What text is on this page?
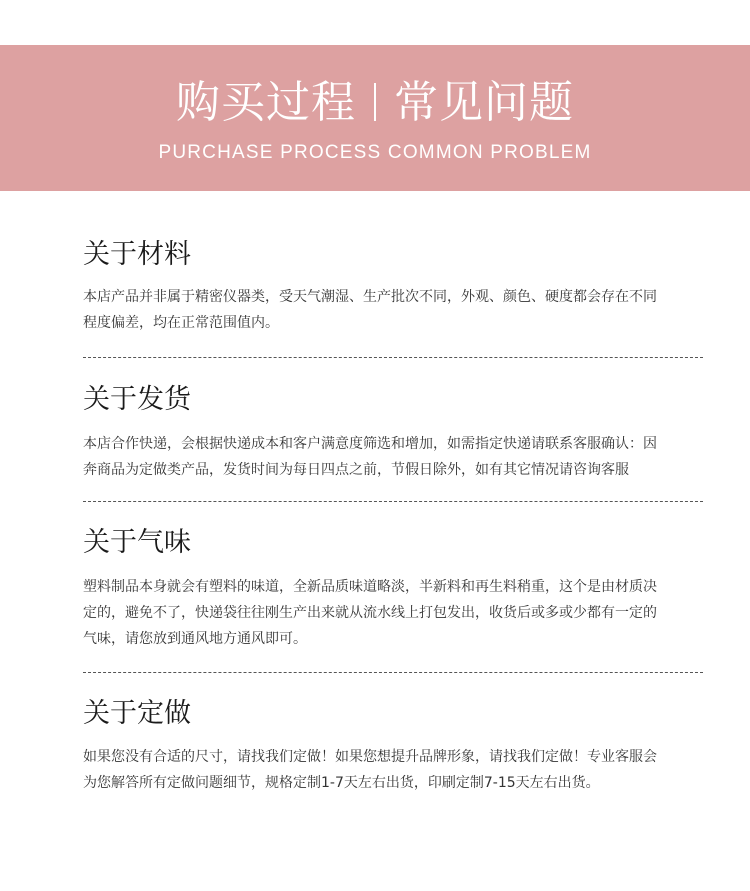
购买过程 常见问题
PURCHASE PROCESS COMMON PROBLEM
关于材料

本店产品并非属于精密仪器类，受天气潮湿、生产批次不同，外观、颜色、硬度都会存在不同
程度偏差，均在正常范围值内。

关于发货

本店合作快递，会根据快递成本和客户满意度筛选和增加，如需指定快递请联系客服确认：因
奔商品为定做类产品，发货时间为每日四点之前，节假日除外，如有其它情况请咨询客服

关于气味

塑料制品本身就会有塑料的味道，全新品质味道略淡，半新料和再生料稍重，这个是由材质决
定的，避免不了，快递袋往往刚生产出来就从流水线上打包发出，收货后或多或少都有一定的
气味，请您放到通风地方通风即可。

关于定做

如果您没有合适的尺寸，请找我们定做！如果您想提升品牌形象，请找我们定做！专业客服会
为您解答所有定做问题细节，规格定制1-7天左右出货，印刷定制7-15天左右出货。
